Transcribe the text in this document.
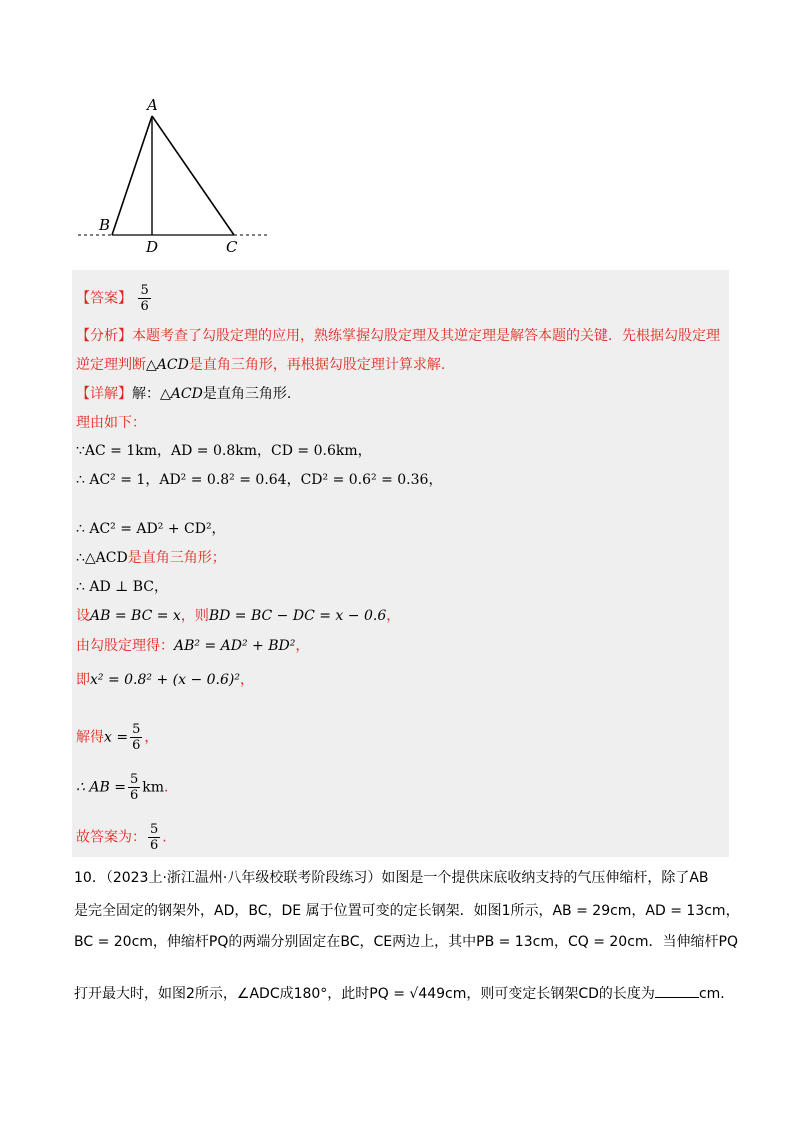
A
B
D	C
【答案】 $\frac{5}{6}$
【分析】本题考查了勾股定理的应用，熟练掌握勾股定理及其逆定理是解答本题的关键．先根据勾股定理
逆定理判断△ACD是直角三角形，再根据勾股定理计算求解.
【详解】解：△ACD是直角三角形.
理由如下：
∵AC = 1km，AD = 0.8km，CD = 0.6km，
∴ AC² = 1，AD² = 0.8² = 0.64，CD² = 0.6² = 0.36，
∴ AC² = AD² + CD²，
∴△ACD是直角三角形；
∴ AD ⊥ BC，
设AB = BC = x，则BD = BC − DC = x − 0.6，
由勾股定理得：AB² = AD² + BD²，
即x² = 0.8² + (x − 0.6)²，
解得$x = \frac{5}{6}$ ，
∴ AB = $\frac{5}{6}$ km.
故答案为： $\frac{5}{6}$ .
10．（2023上·浙江温州·八年级校联考阶段练习）如图是一个提供床底收纳支持的气压伸缩杆，除了AB
是完全固定的钢架外，AD，BC，DE 属于位置可变的定长钢架．如图1所示，AB = 29cm，AD = 13cm，
BC = 20cm，伸缩杆PQ的两端分别固定在BC，CE两边上，其中PB = 13cm，CQ = 20cm．当伸缩杆PQ
打开最大时，如图2所示，∠ADC成180°，此时PQ = √449cm，则可变定长钢架CD的长度为	cm.
